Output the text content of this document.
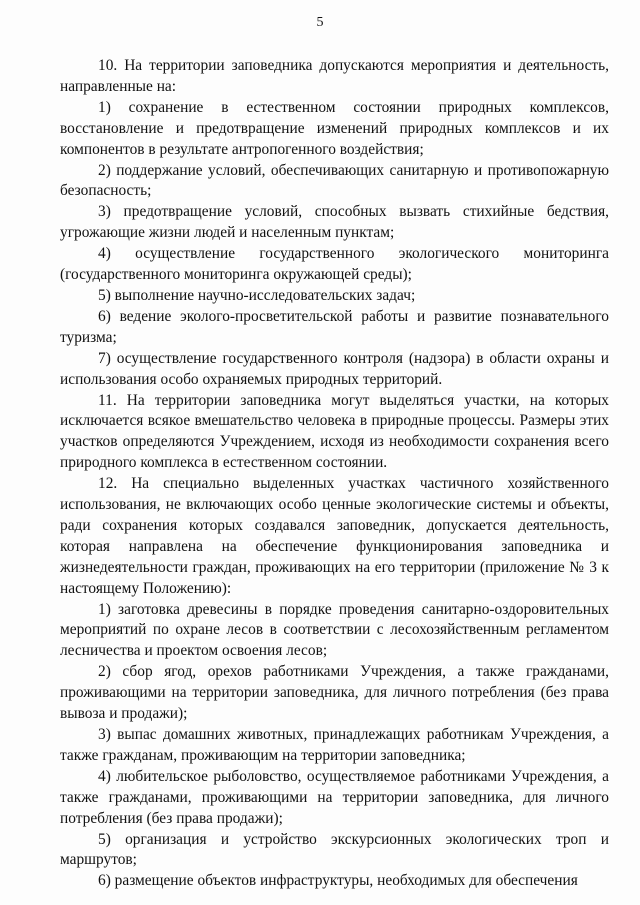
5

10. На территории заповедника допускаются мероприятия и деятельность, направленные на:

1) сохранение в естественном состоянии природных комплексов, восстановление и предотвращение изменений природных комплексов и их компонентов в результате антропогенного воздействия;

2) поддержание условий, обеспечивающих санитарную и противопожарную безопасность;

3) предотвращение условий, способных вызвать стихийные бедствия, угрожающие жизни людей и населенным пунктам;

4) осуществление государственного экологического мониторинга (государственного мониторинга окружающей среды);

5) выполнение научно-исследовательских задач;

6) ведение эколого-просветительской работы и развитие познавательного туризма;

7) осуществление государственного контроля (надзора) в области охраны и использования особо охраняемых природных территорий.

11. На территории заповедника могут выделяться участки, на которых исключается всякое вмешательство человека в природные процессы. Размеры этих участков определяются Учреждением, исходя из необходимости сохранения всего природного комплекса в естественном состоянии.

12. На специально выделенных участках частичного хозяйственного использования, не включающих особо ценные экологические системы и объекты, ради сохранения которых создавался заповедник, допускается деятельность, которая направлена на обеспечение функционирования заповедника и жизнедеятельности граждан, проживающих на его территории (приложение № 3 к настоящему Положению):

1) заготовка древесины в порядке проведения санитарно-оздоровительных мероприятий по охране лесов в соответствии с лесохозяйственным регламентом лесничества и проектом освоения лесов;

2) сбор ягод, орехов работниками Учреждения, а также гражданами, проживающими на территории заповедника, для личного потребления (без права вывоза и продажи);

3) выпас домашних животных, принадлежащих работникам Учреждения, а также гражданам, проживающим на территории заповедника;

4) любительское рыболовство, осуществляемое работниками Учреждения, а также гражданами, проживающими на территории заповедника, для личного потребления (без права продажи);

5) организация и устройство экскурсионных экологических троп и маршрутов;

6) размещение объектов инфраструктуры, необходимых для обеспечения
